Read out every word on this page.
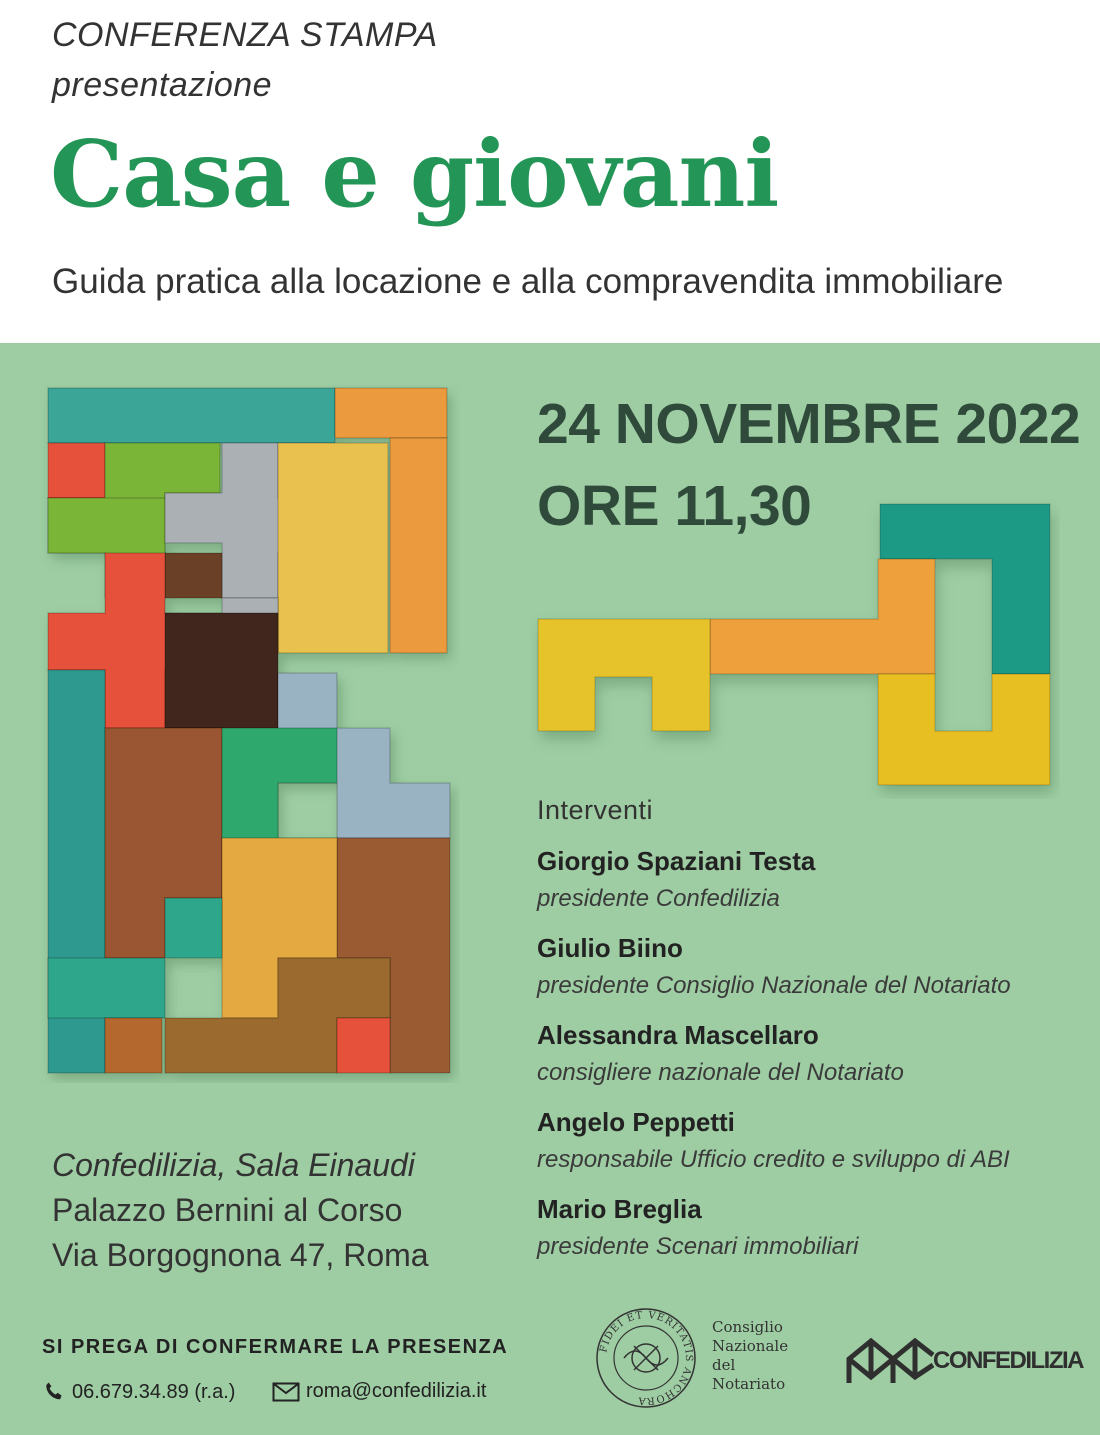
CONFERENZA STAMPA
presentazione
Casa e giovani
Guida pratica alla locazione e alla compravendita immobiliare
24 NOVEMBRE 2022
ORE 11,30
Interventi
Giorgio Spaziani Testa
presidente Confedilizia
Giulio Biino
presidente Consiglio Nazionale del Notariato
Alessandra Mascellaro
consigliere nazionale del Notariato
Angelo Peppetti
responsabile Ufficio credito e sviluppo di ABI
Mario Breglia
presidente Scenari immobiliari
Confedilizia, Sala Einaudi
Palazzo Bernini al Corso
Via Borgognona 47, Roma
SI PREGA DI CONFERMARE LA PRESENZA
06.679.34.89 (r.a.)	roma@confedilizia.it
FIDEI ET VERITATIS ANCHORA
Consiglio
Nazionale
del
Notariato
CONFEDILIZIA
